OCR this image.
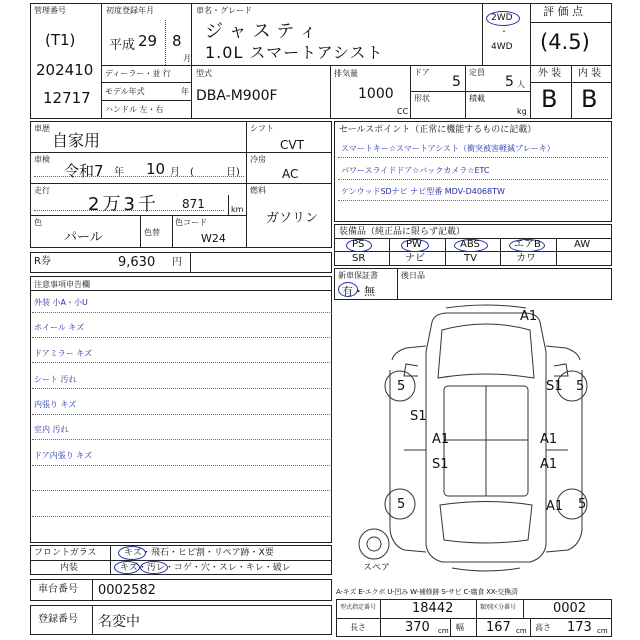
管理番号
(T1)
202410
12717
初度登録年月
平成 29 8
月
車名・グレード
ジャスティ
1.0L スマートアシスト
2WD
・
4WD
ディーラー・並 行
モデル年式	年
ハンドル 左・右
型式
DBA-M900F
排気量
1000
CC
ドア
5
形状
定員
5 人
積載
kg
評 価 点
(4.5)
外 装 内 装
B B
車歴
自家用
車検
令和7 年 10 月 (	日)
走行
2万3千 871	km
色
パール	色替
色コード
W24
シフト
CVT
冷房
AC
燃料
ガソリン
R券	9,630 円
セールスポイント（正常に機能するものに記載）
スマートキー☆スマートアシスト（衝突被害軽減ブレーキ）
パワースライドドア☆バックカメラ☆ETC
ケンウッドSDナビ ナビ型番 MDV-D4068TW
装備品（純正品に限らず記載）
PS	PW	ABS	エアB	AW
SR	ナビ	TV	カワ
新車保証書
有・無
後日品
注意事項申告欄
外装 小A・小U
ホイール キズ
ドアミラー キズ
シート 汚れ
内張り キズ
室内 汚れ
ドア内張り キズ
A1
5	S1 5
S1
A1	A1
A1
S1
A1
5	5
スペア
フロントガラス	キズ・飛石・ヒビ割・リペア跡・X要
内装	キズ・汚レ・コゲ・穴・スレ・キレ・破レ
車台番号 0002582
登録番号 名変中
A-キズ E-エクボ U-凹み W-補修跡 S-サビ C-腐食 XX-交換済
型式指定番号	18442	類別区分番号	0002
長さ	370 cm 幅 167 cm 高さ 173 cm
